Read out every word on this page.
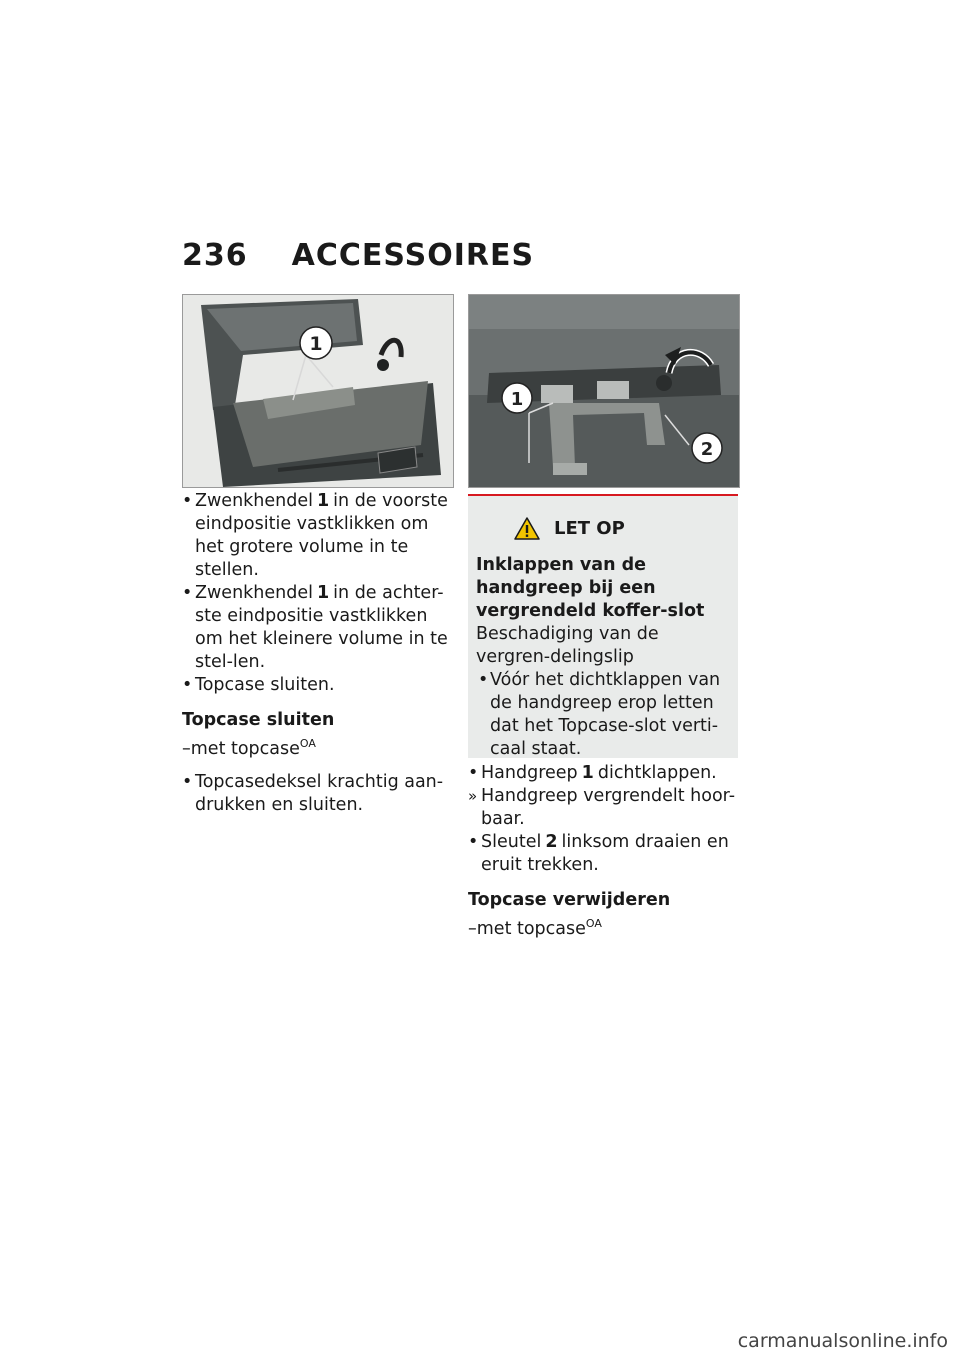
236 ACCESSOIRES
1
1
2

• Zwenkhendel 1 in de voorste eindpositie vastklikken om het grotere volume in te stellen.

• Zwenkhendel 1 in de achter-ste eindpositie vastklikken om het kleinere volume in te stel-len.

• Topcase sluiten.

Topcase sluiten

–met topcase$^{OA}$

• Topcasedeksel krachtig aan-drukken en sluiten.

LET OP
Inklappen van de handgreep bij een vergrendeld koffer-slot
Beschadiging van de vergren-delingslip

• Vóór het dichtklappen van de handgreep erop letten dat het Topcase-slot verti-caal staat.

• Handgreep 1 dichtklappen.

» Handgreep vergrendelt hoor-baar.

• Sleutel 2 linksom draaien en eruit trekken.

Topcase verwijderen

–met topcase$^{OA}$

carmanualsonline.info
